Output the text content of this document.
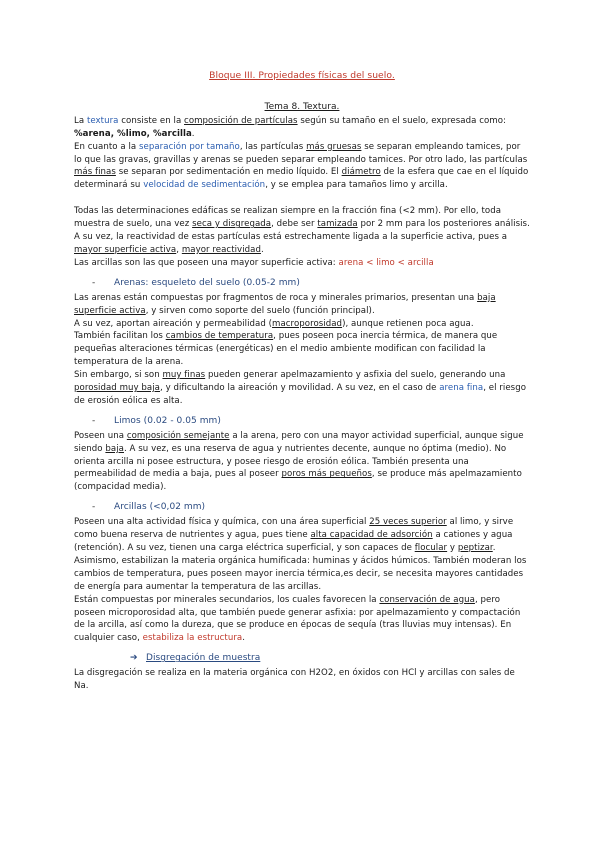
Bloque III. Propiedades físicas del suelo.
Tema 8. Textura.

La textura consiste en la composición de partículas según su tamaño en el suelo, expresada como: %arena, %limo, %arcilla.

En cuanto a la separación por tamaño, las partículas más gruesas se separan empleando tamices, por lo que las gravas, gravillas y arenas se pueden separar empleando tamices. Por otro lado, las partículas más finas se separan por sedimentación en medio líquido. El diámetro de la esfera que cae en el líquido determinará su velocidad de sedimentación, y se emplea para tamaños limo y arcilla.

Todas las determinaciones edáficas se realizan siempre en la fracción fina (<2 mm). Por ello, toda muestra de suelo, una vez seca y disgregada, debe ser tamizada por 2 mm para los posteriores análisis. A su vez, la reactividad de estas partículas está estrechamente ligada a la superficie activa, pues a mayor superficie activa, mayor reactividad.

Las arcillas son las que poseen una mayor superficie activa: arena < limo < arcilla

- Arenas: esqueleto del suelo (0.05-2 mm)

Las arenas están compuestas por fragmentos de roca y minerales primarios, presentan una baja superficie activa, y sirven como soporte del suelo (función principal).

A su vez, aportan aireación y permeabilidad (macroporosidad), aunque retienen poca agua.

También facilitan los cambios de temperatura, pues poseen poca inercia térmica, de manera que pequeñas alteraciones térmicas (energéticas) en el medio ambiente modifican con facilidad la temperatura de la arena.

Sin embargo, si son muy finas pueden generar apelmazamiento y asfixia del suelo, generando una porosidad muy baja, y dificultando la aireación y movilidad. A su vez, en el caso de arena fina, el riesgo de erosión eólica es alta.

- Limos (0.02 - 0.05 mm)

Poseen una composición semejante a la arena, pero con una mayor actividad superficial, aunque sigue siendo baja. A su vez, es una reserva de agua y nutrientes decente, aunque no óptima (medio). No orienta arcilla ni posee estructura, y posee riesgo de erosión eólica. También presenta una permeabilidad de media a baja, pues al poseer poros más pequeños, se produce más apelmazamiento (compacidad media).

- Arcillas (<0,02 mm)

Poseen una alta actividad física y química, con una área superficial 25 veces superior al limo, y sirve como buena reserva de nutrientes y agua, pues tiene alta capacidad de adsorción a cationes y agua (retención). A su vez, tienen una carga eléctrica superficial, y son capaces de flocular y peptizar.

Asimismo, estabilizan la materia orgánica humificada: huminas y ácidos húmicos. También moderan los cambios de temperatura, pues poseen mayor inercia térmica,es decir, se necesita mayores cantidades de energía para aumentar la temperatura de las arcillas.

Están compuestas por minerales secundarios, los cuales favorecen la conservación de agua, pero poseen microporosidad alta, que también puede generar asfixia: por apelmazamiento y compactación de la arcilla, así como la dureza, que se produce en épocas de sequía (tras lluvias muy intensas). En cualquier caso, estabiliza la estructura.

➔ Disgregación de muestra

La disgregación se realiza en la materia orgánica con H2O2, en óxidos con HCl y arcillas con sales de Na.
